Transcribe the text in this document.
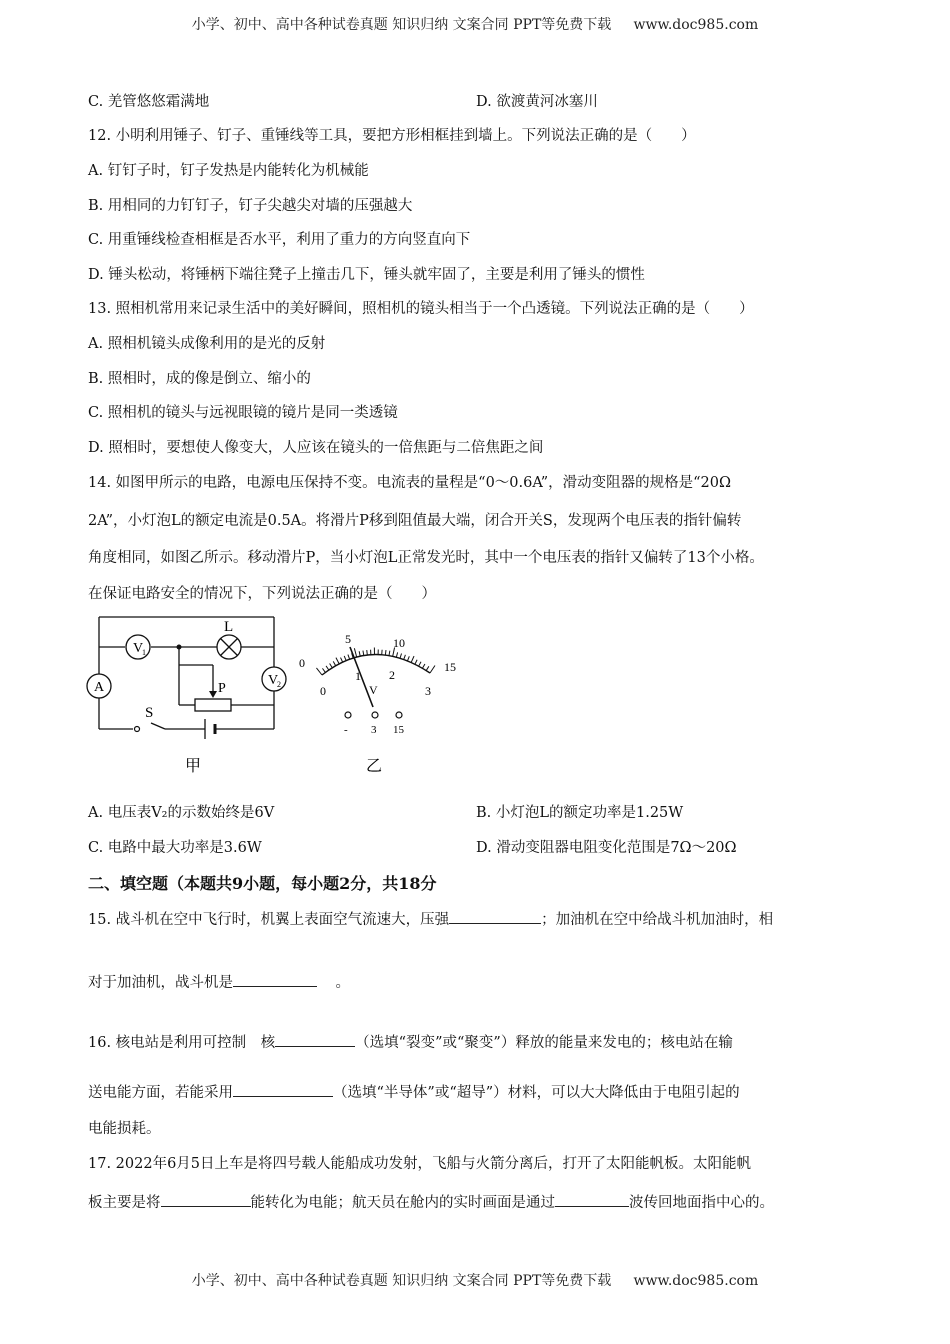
小学、初中、高中各种试卷真题 知识归纳 文案合同 PPT等免费下载 www.doc985.com
C. 羌管悠悠霜满地	D. 欲渡黄河冰塞川
12. 小明利用锤子、钉子、重锤线等工具，要把方形相框挂到墙上。下列说法正确的是（　　）
A. 钉钉子时，钉子发热是内能转化为机械能
B. 用相同的力钉钉子，钉子尖越尖对墙的压强越大
C. 用重锤线检查相框是否水平，利用了重力的方向竖直向下
D. 锤头松动，将锤柄下端往凳子上撞击几下，锤头就牢固了，主要是利用了锤头的惯性
13. 照相机常用来记录生活中的美好瞬间，照相机的镜头相当于一个凸透镜。下列说法正确的是（　　）
A. 照相机镜头成像利用的是光的反射
B. 照相时，成的像是倒立、缩小的
C. 照相机的镜头与远视眼镜的镜片是同一类透镜
D. 照相时，要想使人像变大，人应该在镜头的一倍焦距与二倍焦距之间
14. 如图甲所示的电路，电源电压保持不变。电流表的量程是“0～0.6A”，滑动变阻器的规格是“20Ω
2A”，小灯泡L的额定电流是0.5A。将滑片P移到阻值最大端，闭合开关S，发现两个电压表的指针偏转
角度相同，如图乙所示。移动滑片P，当小灯泡L正常发光时，其中一个电压表的指针又偏转了13个小格。
在保证电路安全的情况下，下列说法正确的是（　　）
V
1
L
A	V
2
P
S
甲
0
5	10
15
0
1 2
3
V
- 3 15
乙
A. 电压表V₂的示数始终是6V	B. 小灯泡L的额定功率是1.25W
C. 电路中最大功率是3.6W	D. 滑动变阻器电阻变化范围是7Ω～20Ω
二、填空题（本题共9小题，每小题2分，共18分
15. 战斗机在空中飞行时，机翼上表面空气流速大，压强	；加油机在空中给战斗机加油时，相
对于加油机，战斗机是	。
16. 核电站是利用可控制　核	（选填“裂变”或“聚变”）释放的能量来发电的；核电站在输
送电能方面，若能采用	（选填“半导体”或“超导”）材料，可以大大降低由于电阻引起的
电能损耗。
17. 2022年6月5日上车是将四号载人能船成功发射，飞船与火箭分离后，打开了太阳能帆板。太阳能帆
板主要是将	能转化为电能；航天员在舱内的实时画面是通过	波传回地面指中心的。
小学、初中、高中各种试卷真题 知识归纳 文案合同 PPT等免费下载 www.doc985.com
